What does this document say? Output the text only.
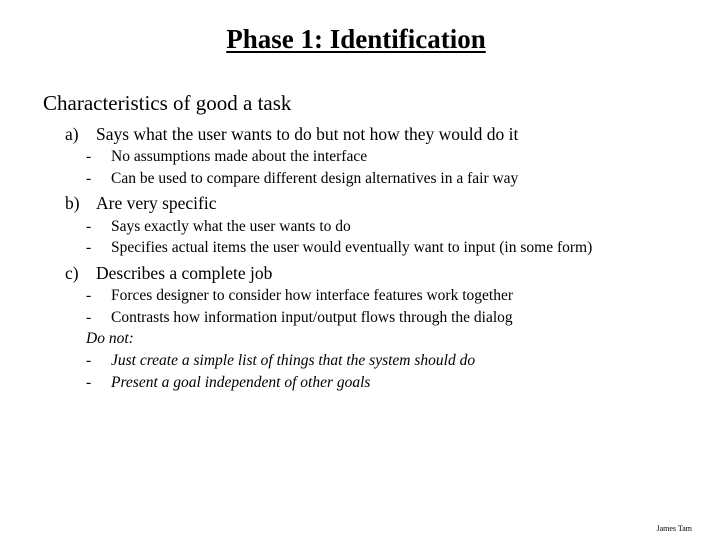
Phase 1: Identification
Characteristics of good a task
a) Says what the user wants to do but not how they would do it
- No assumptions made about the interface
- Can be used to compare different design alternatives in a fair way
b) Are very specific
- Says exactly what the user wants to do
- Specifies actual items the user would eventually want to input (in some form)
c) Describes a complete job
- Forces designer to consider how interface features work together
- Contrasts how information input/output flows through the dialog
Do not:
- Just create a simple list of things that the system should do
- Present a goal independent of other goals
James Tam
